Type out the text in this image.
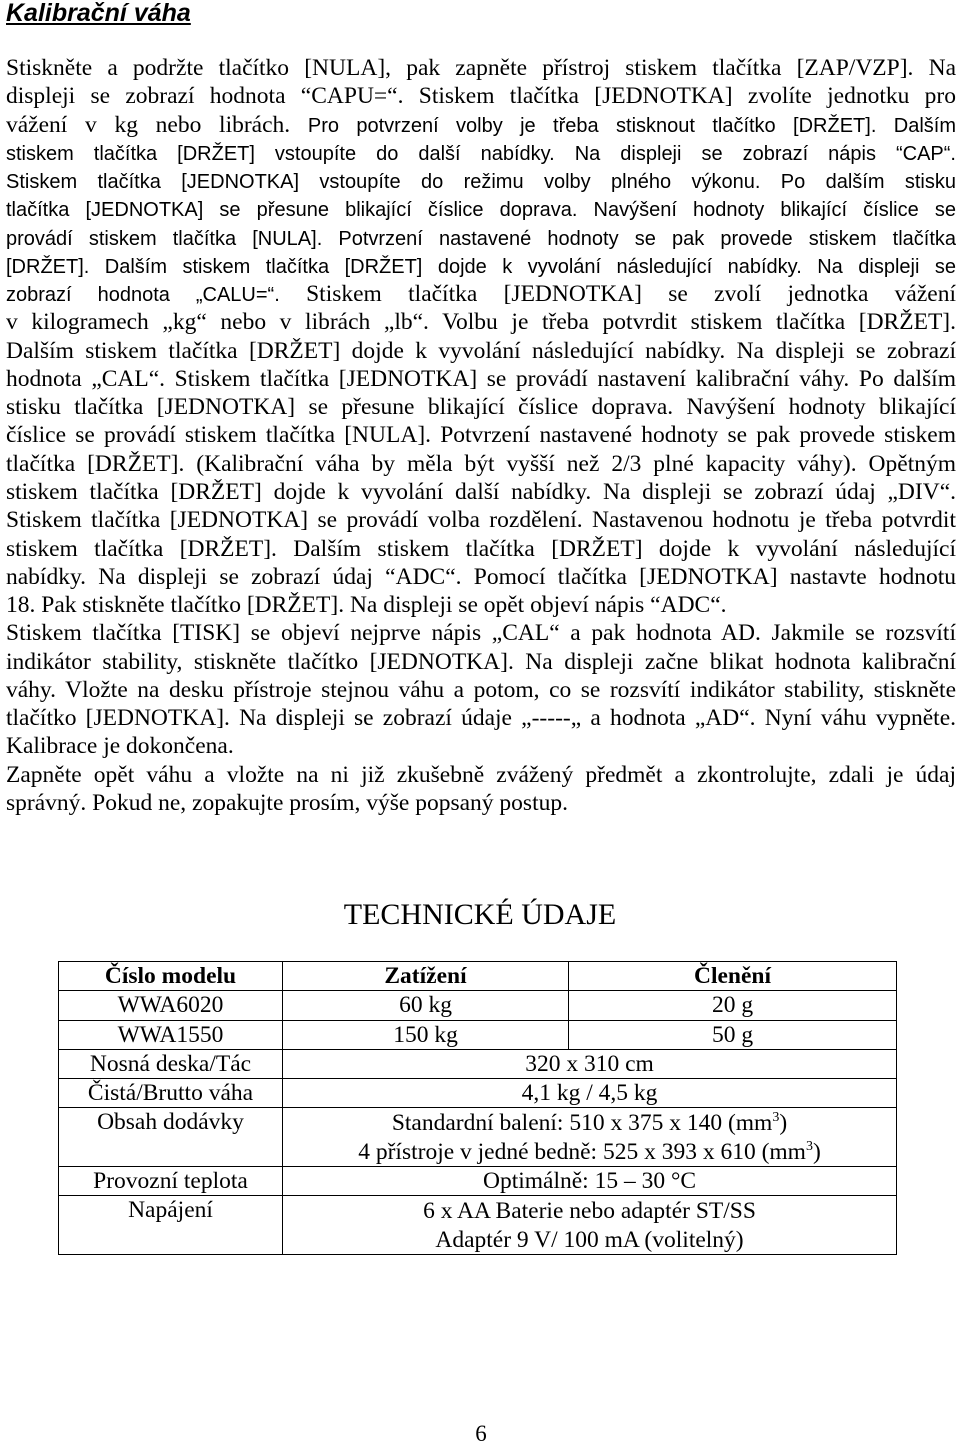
Kalibrační váha
Stiskněte a podržte tlačítko [NULA], pak zapněte přístroj stiskem tlačítka [ZAP/VZP]. Na
displeji se zobrazí hodnota “CAPU=“. Stiskem tlačítka [JEDNOTKA] zvolíte jednotku pro
vážení v kg nebo librách. Pro potvrzení volby je třeba stisknout tlačítko [DRŽET]. Dalším
stiskem tlačítka [DRŽET] vstoupíte do další nabídky. Na displeji se zobrazí nápis “CAP“.
Stiskem tlačítka [JEDNOTKA] vstoupíte do režimu volby plného výkonu. Po dalším stisku
tlačítka [JEDNOTKA] se přesune blikající číslice doprava. Navýšení hodnoty blikající číslice se
provádí stiskem tlačítka [NULA]. Potvrzení nastavené hodnoty se pak provede stiskem tlačítka
[DRŽET]. Dalším stiskem tlačítka [DRŽET] dojde k vyvolání následující nabídky. Na displeji se
zobrazí hodnota „CALU=“. Stiskem tlačítka [JEDNOTKA] se zvolí jednotka vážení
v kilogramech „kg“ nebo v librách „lb“. Volbu je třeba potvrdit stiskem tlačítka [DRŽET].
Dalším stiskem tlačítka [DRŽET] dojde k vyvolání následující nabídky. Na displeji se zobrazí
hodnota „CAL“. Stiskem tlačítka [JEDNOTKA] se provádí nastavení kalibrační váhy. Po dalším
stisku tlačítka [JEDNOTKA] se přesune blikající číslice doprava. Navýšení hodnoty blikající
číslice se provádí stiskem tlačítka [NULA]. Potvrzení nastavené hodnoty se pak provede stiskem
tlačítka [DRŽET]. (Kalibrační váha by měla být vyšší než 2/3 plné kapacity váhy). Opětným
stiskem tlačítka [DRŽET] dojde k vyvolání další nabídky. Na displeji se zobrazí údaj „DIV“.
Stiskem tlačítka [JEDNOTKA] se provádí volba rozdělení. Nastavenou hodnotu je třeba potvrdit
stiskem tlačítka [DRŽET]. Dalším stiskem tlačítka [DRŽET] dojde k vyvolání následující
nabídky. Na displeji se zobrazí údaj “ADC“. Pomocí tlačítka [JEDNOTKA] nastavte hodnotu
18. Pak stiskněte tlačítko [DRŽET]. Na displeji se opět objeví nápis “ADC“.
Stiskem tlačítka [TISK] se objeví nejprve nápis „CAL“ a pak hodnota AD. Jakmile se rozsvítí
indikátor stability, stiskněte tlačítko [JEDNOTKA]. Na displeji začne blikat hodnota kalibrační
váhy. Vložte na desku přístroje stejnou váhu a potom, co se rozsvítí indikátor stability, stiskněte
tlačítko [JEDNOTKA]. Na displeji se zobrazí údaje „-----„ a hodnota „AD“. Nyní váhu vypněte.
Kalibrace je dokončena.
Zapněte opět váhu a vložte na ni již zkušebně zvážený předmět a zkontrolujte, zdali je údaj
správný. Pokud ne, zopakujte prosím, výše popsaný postup.
TECHNICKÉ ÚDAJE
Číslo modelu	Zatížení	Členění
WWA6020	60 kg	20 g
WWA1550	150 kg	50 g
Nosná deska/Tác	320 x 310 cm	
Čistá/Brutto váha	4,1 kg / 4,5 kg	
Obsah dodávky	Standardní balení: 510 x 375 x 140 $(mm^3)$	
	4 přístroje v jedné bedně: 525 x 393 x 610 $(mm^3)$	
Provozní teplota	Optimálně: 15 – 30 °C	
Napájení	6 x AA Baterie nebo adaptér ST/SS	
	Adaptér 9 V/ 100 mA (volitelný)	
6
